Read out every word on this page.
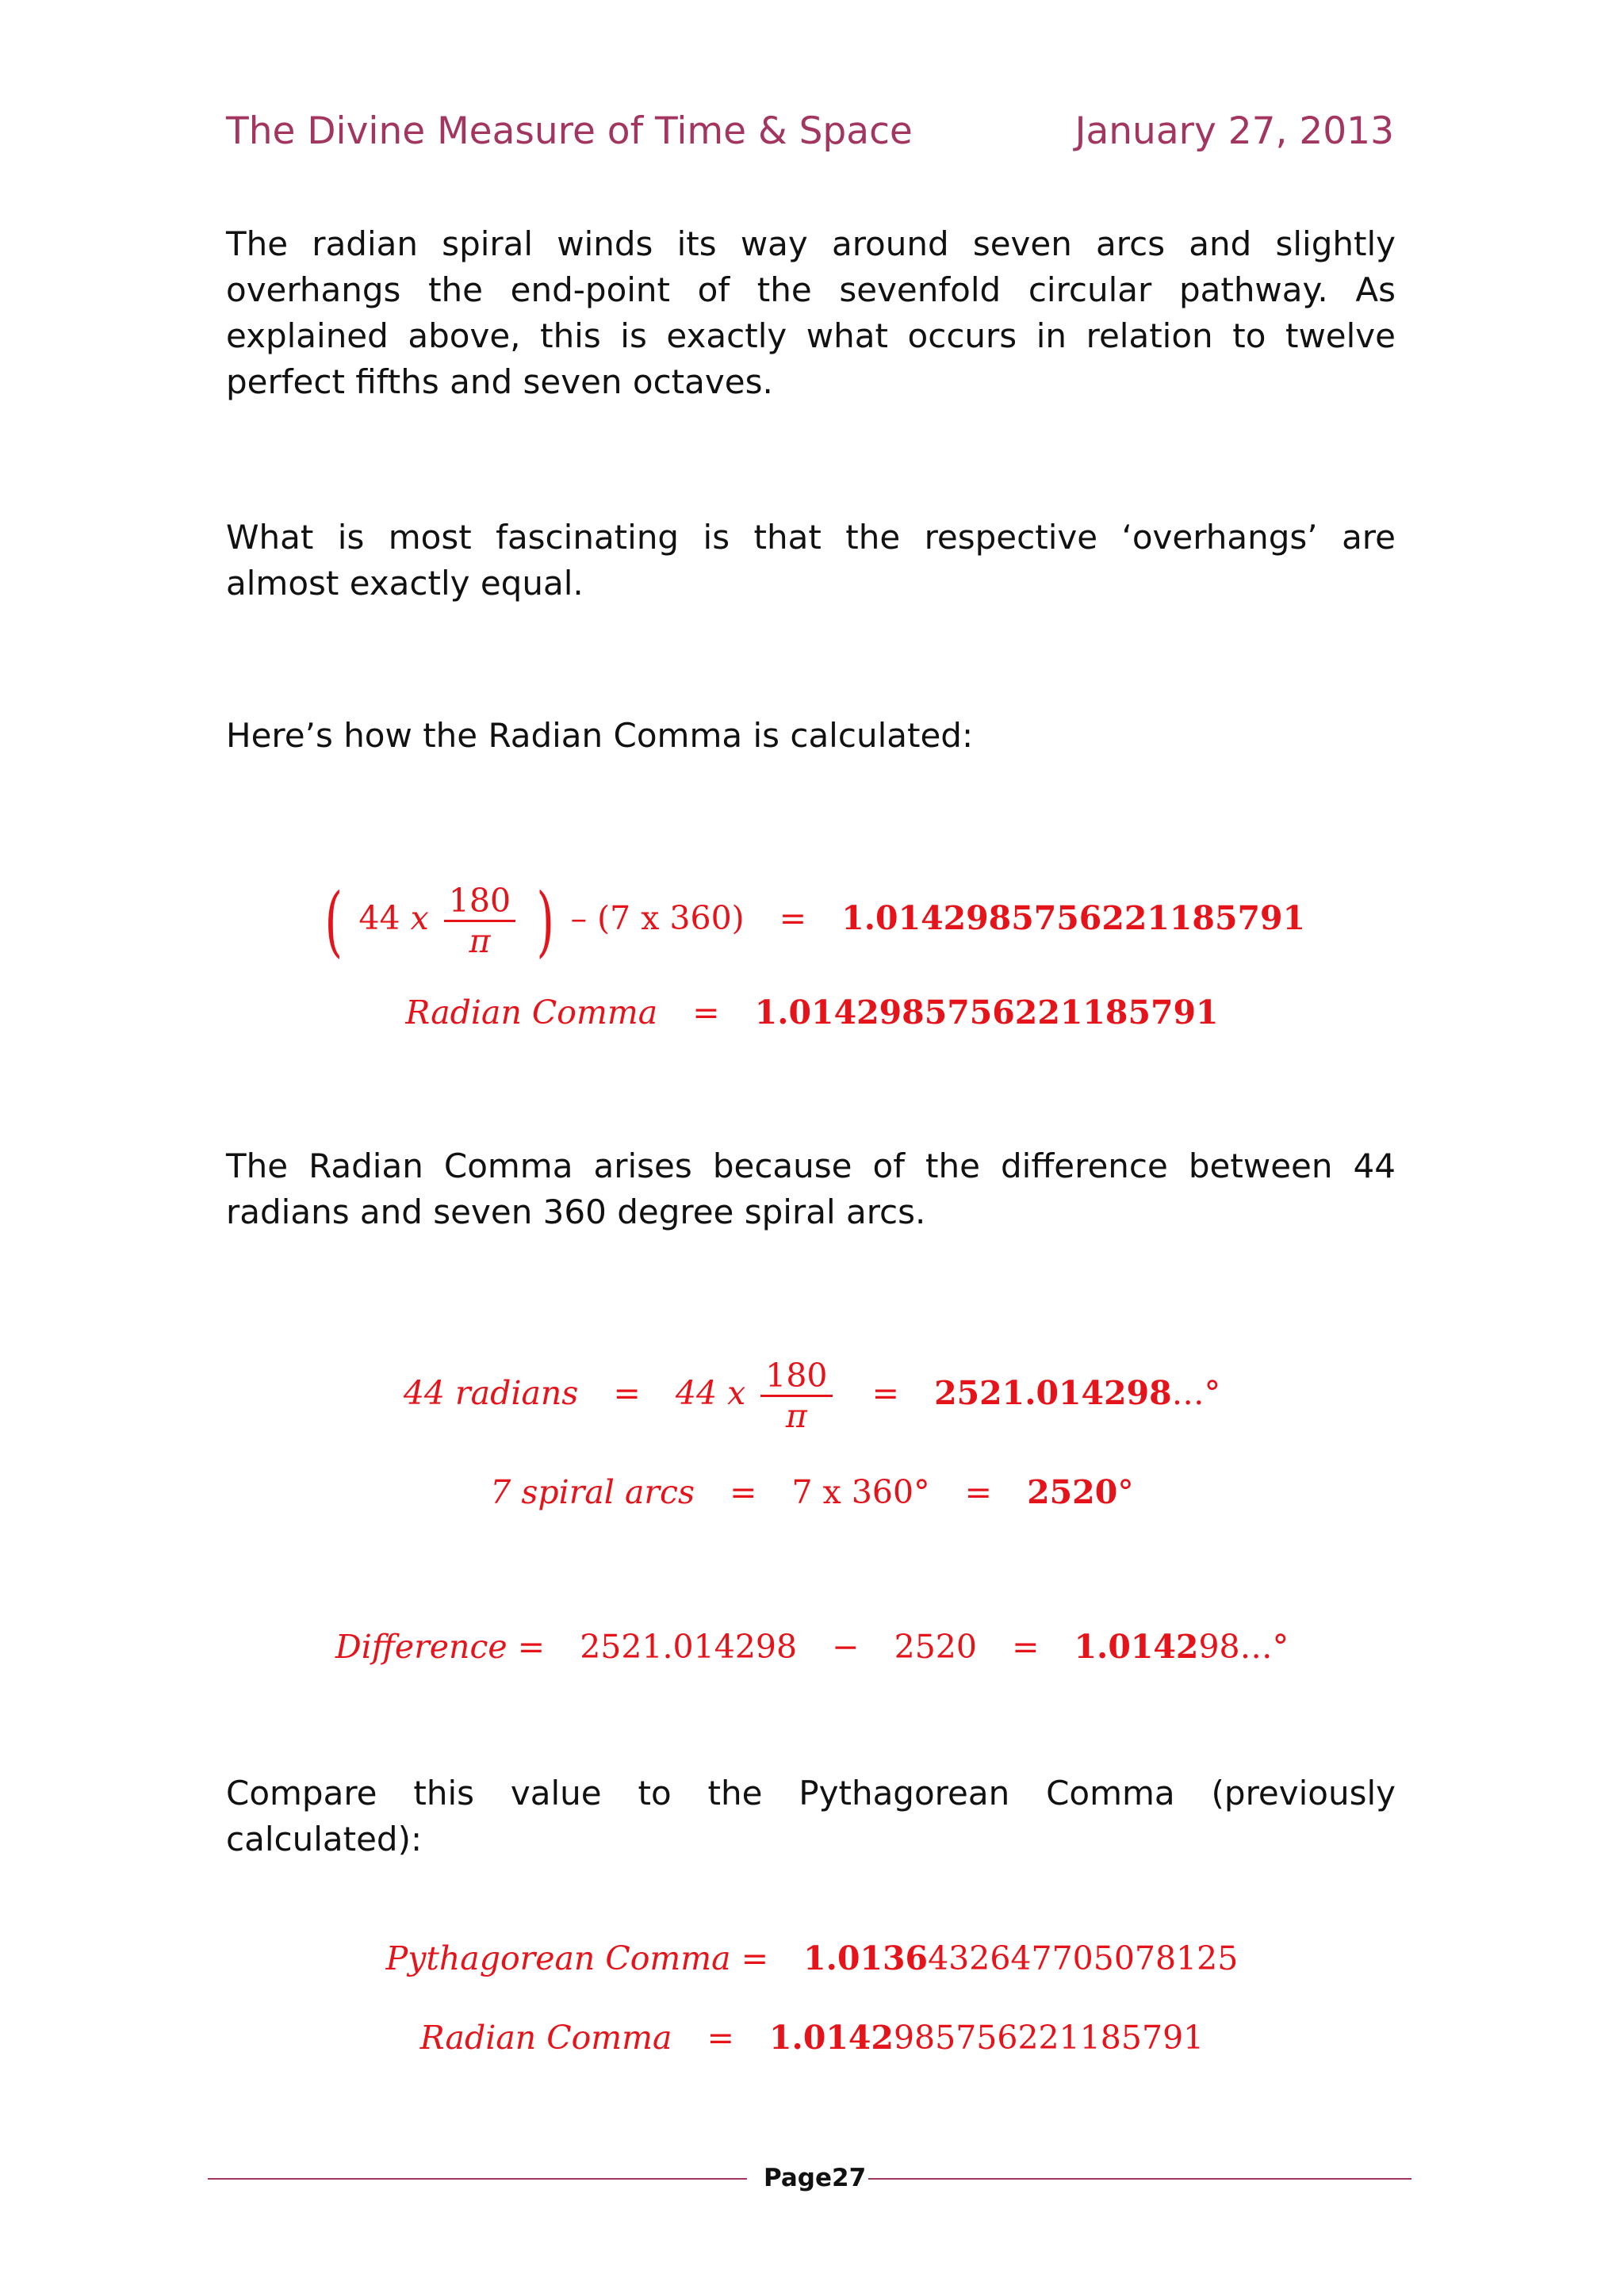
The Divine Measure of Time & Space	January 27, 2013

The radian spiral winds its way around seven arcs and slightly overhangs the end-point of the sevenfold circular pathway. As explained above, this is exactly what occurs in relation to twelve perfect fifths and seven octaves.

What is most fascinating is that the respective ‘overhangs’ are almost exactly equal.

Here’s how the Radian Comma is calculated:

( 44 x $\frac{180}{\pi}$ ) – (7 x 360) = 1.0142985756221185791
Radian Comma = 1.0142985756221185791

The Radian Comma arises because of the difference between 44 radians and seven 360 degree spiral arcs.

44 radians = 44 x $\frac{180}{\pi}$ = 2521.014298…°
7 spiral arcs = 7 x 360° = 2520°
Difference = 2521.014298 − 2520 = 1.014298…°

Compare this value to the Pythagorean Comma (previously calculated):

Pythagorean Comma = 1.0136432647705078125
Radian Comma = 1.0142985756221185791
Page27
